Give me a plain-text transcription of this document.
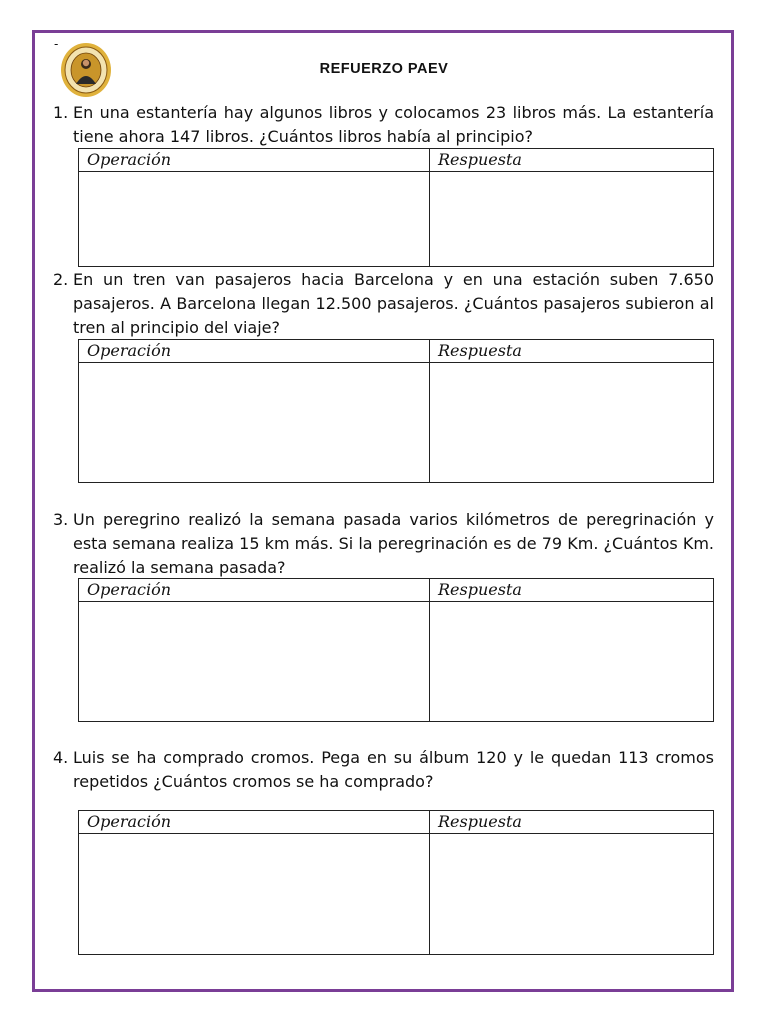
-
REFUERZO PAEV
1. En una estantería hay algunos libros y colocamos 23 libros más. La estantería tiene ahora 147 libros. ¿Cuántos libros había al principio?
Operación	Respuesta
2. En un tren van pasajeros hacia Barcelona y en una estación suben 7.650 pasajeros. A Barcelona llegan 12.500 pasajeros. ¿Cuántos pasajeros subieron al tren al principio del viaje?
Operación	Respuesta
3. Un peregrino realizó la semana pasada varios kilómetros de peregrinación y esta semana realiza 15 km más. Si la peregrinación es de 79 Km. ¿Cuántos Km. realizó la semana pasada?
Operación	Respuesta
4. Luis se ha comprado cromos. Pega en su álbum 120 y le quedan 113 cromos repetidos ¿Cuántos cromos se ha comprado?
Operación	Respuesta
